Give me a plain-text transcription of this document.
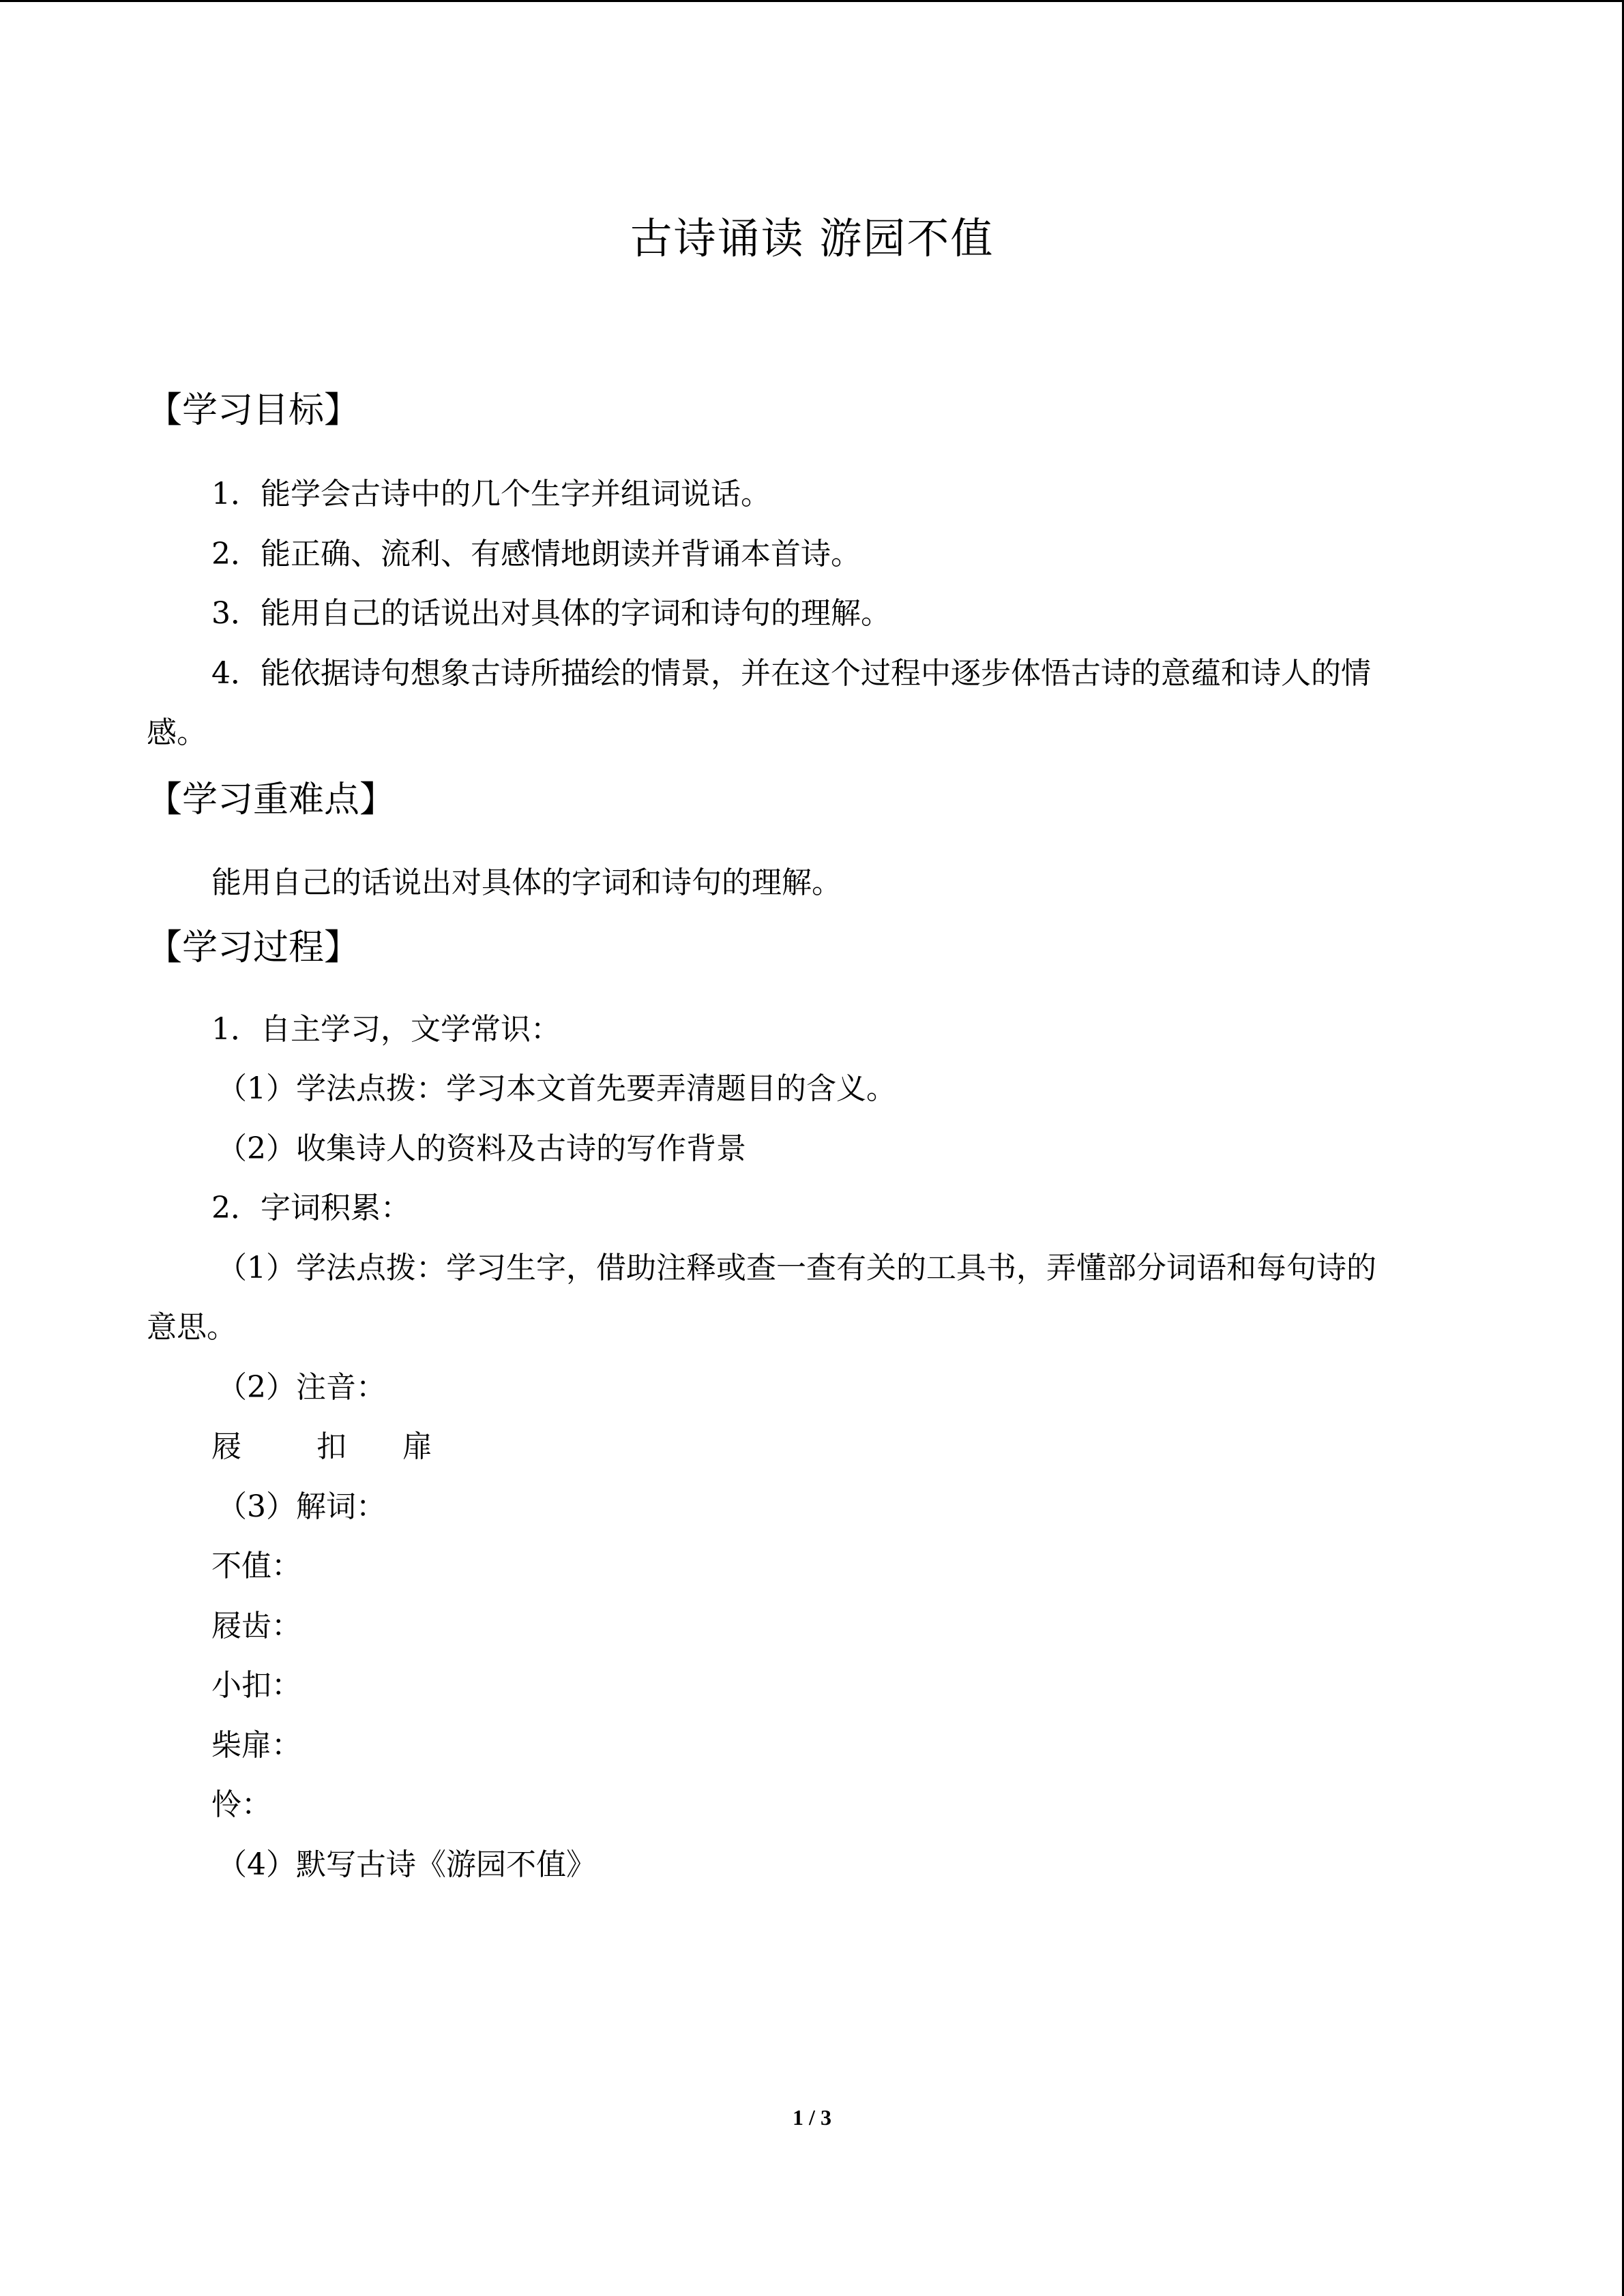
古诗诵读 游园不值
【学习目标】
1．能学会古诗中的几个生字并组词说话。
2．能正确、流利、有感情地朗读并背诵本首诗。
3．能用自己的话说出对具体的字词和诗句的理解。
4．能依据诗句想象古诗所描绘的情景，并在这个过程中逐步体悟古诗的意蕴和诗人的情
感。
【学习重难点】
能用自己的话说出对具体的字词和诗句的理解。
【学习过程】
1．自主学习，文学常识：
（1）学法点拨：学习本文首先要弄清题目的含义。
（2）收集诗人的资料及古诗的写作背景
2．字词积累：
（1）学法点拨：学习生字，借助注释或查一查有关的工具书，弄懂部分词语和每句诗的
意思。
（2）注音：
屐	扣 扉
（3）解词：
不值：
屐齿：
小扣：
柴扉：
怜：
（4）默写古诗《游园不值》
1 / 3
